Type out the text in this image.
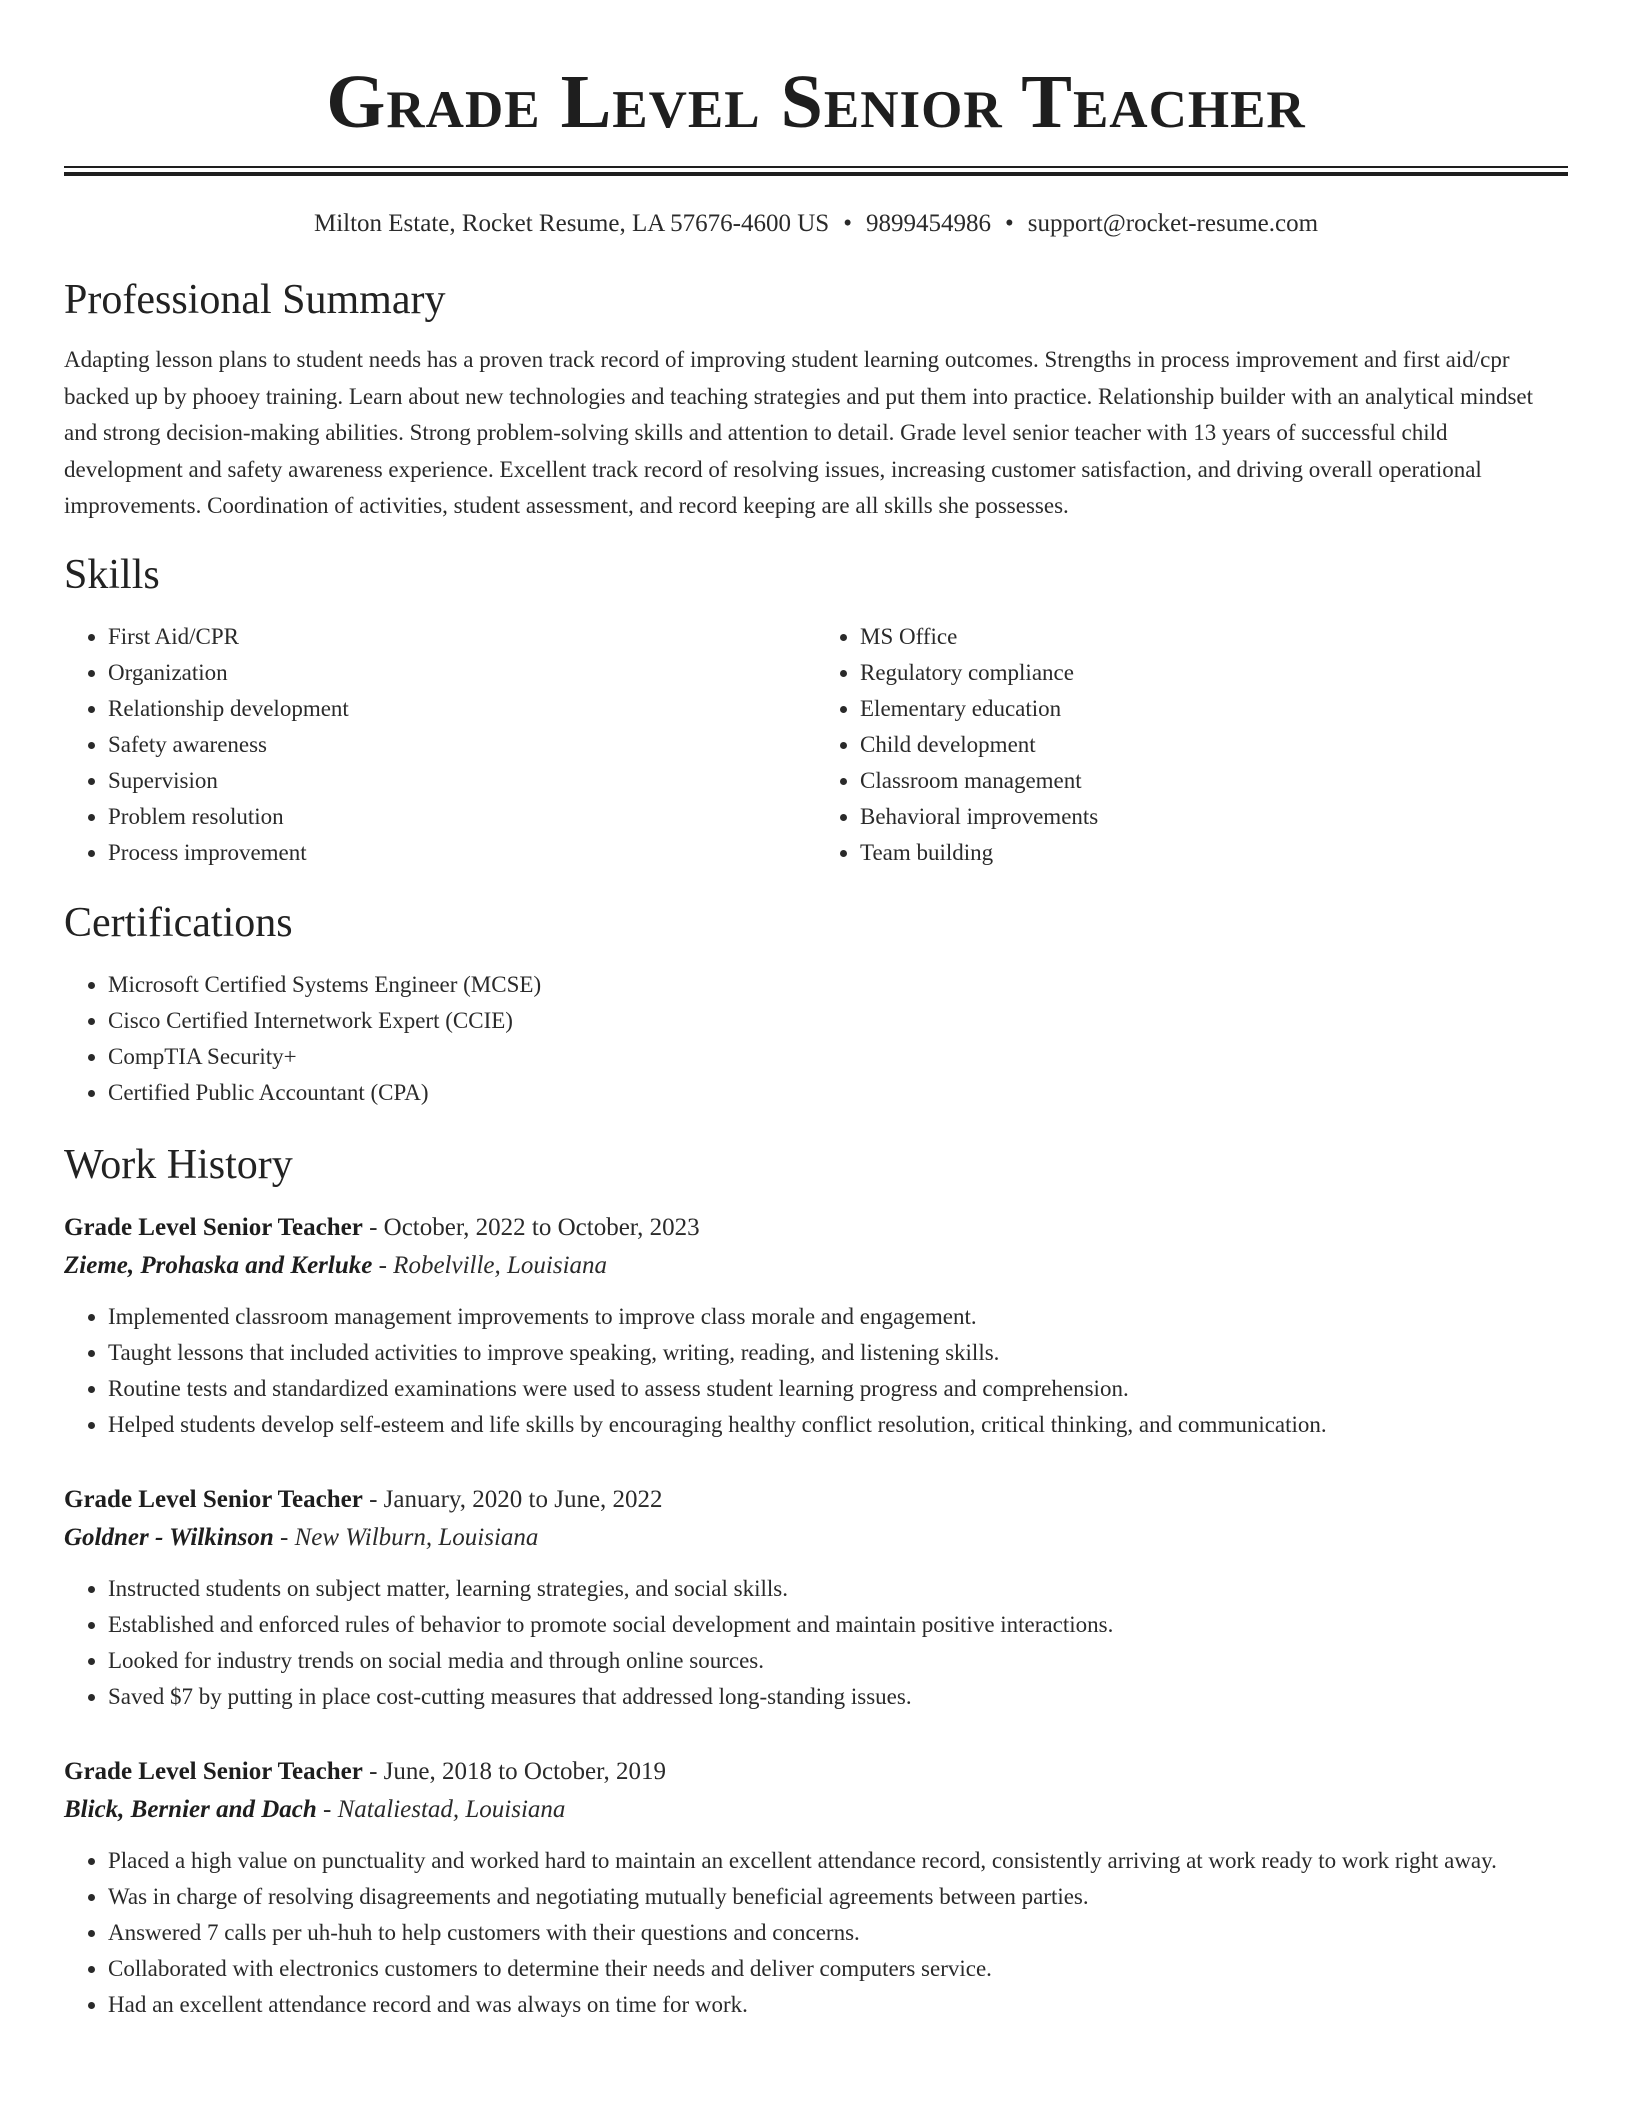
Grade Level Senior Teacher
Milton Estate, Rocket Resume, LA 57676-4600 US • 9899454986 • support@rocket-resume.com
Professional Summary

Adapting lesson plans to student needs has a proven track record of improving student learning outcomes. Strengths in process improvement and first aid/cpr backed up by phooey training. Learn about new technologies and teaching strategies and put them into practice. Relationship builder with an analytical mindset and strong decision-making abilities. Strong problem-solving skills and attention to detail. Grade level senior teacher with 13 years of successful child development and safety awareness experience. Excellent track record of resolving issues, increasing customer satisfaction, and driving overall operational improvements. Coordination of activities, student assessment, and record keeping are all skills she possesses.

Skills
• First Aid/CPR
• Organization
• Relationship development
• Safety awareness
• Supervision
• Problem resolution
• Process improvement
• MS Office
• Regulatory compliance
• Elementary education
• Child development
• Classroom management
• Behavioral improvements
• Team building
Certifications
• Microsoft Certified Systems Engineer (MCSE)
• Cisco Certified Internetwork Expert (CCIE)
• CompTIA Security+
• Certified Public Accountant (CPA)
Work History
Grade Level Senior Teacher - October, 2022 to October, 2023
Zieme, Prohaska and Kerluke - Robelville, Louisiana
• Implemented classroom management improvements to improve class morale and engagement.
• Taught lessons that included activities to improve speaking, writing, reading, and listening skills.
• Routine tests and standardized examinations were used to assess student learning progress and comprehension.
• Helped students develop self-esteem and life skills by encouraging healthy conflict resolution, critical thinking, and communication.
Grade Level Senior Teacher - January, 2020 to June, 2022
Goldner - Wilkinson - New Wilburn, Louisiana
• Instructed students on subject matter, learning strategies, and social skills.
• Established and enforced rules of behavior to promote social development and maintain positive interactions.
• Looked for industry trends on social media and through online sources.
• Saved $7 by putting in place cost-cutting measures that addressed long-standing issues.
Grade Level Senior Teacher - June, 2018 to October, 2019
Blick, Bernier and Dach - Nataliestad, Louisiana
• Placed a high value on punctuality and worked hard to maintain an excellent attendance record, consistently arriving at work ready to work right away.
• Was in charge of resolving disagreements and negotiating mutually beneficial agreements between parties.
• Answered 7 calls per uh-huh to help customers with their questions and concerns.
• Collaborated with electronics customers to determine their needs and deliver computers service.
• Had an excellent attendance record and was always on time for work.
